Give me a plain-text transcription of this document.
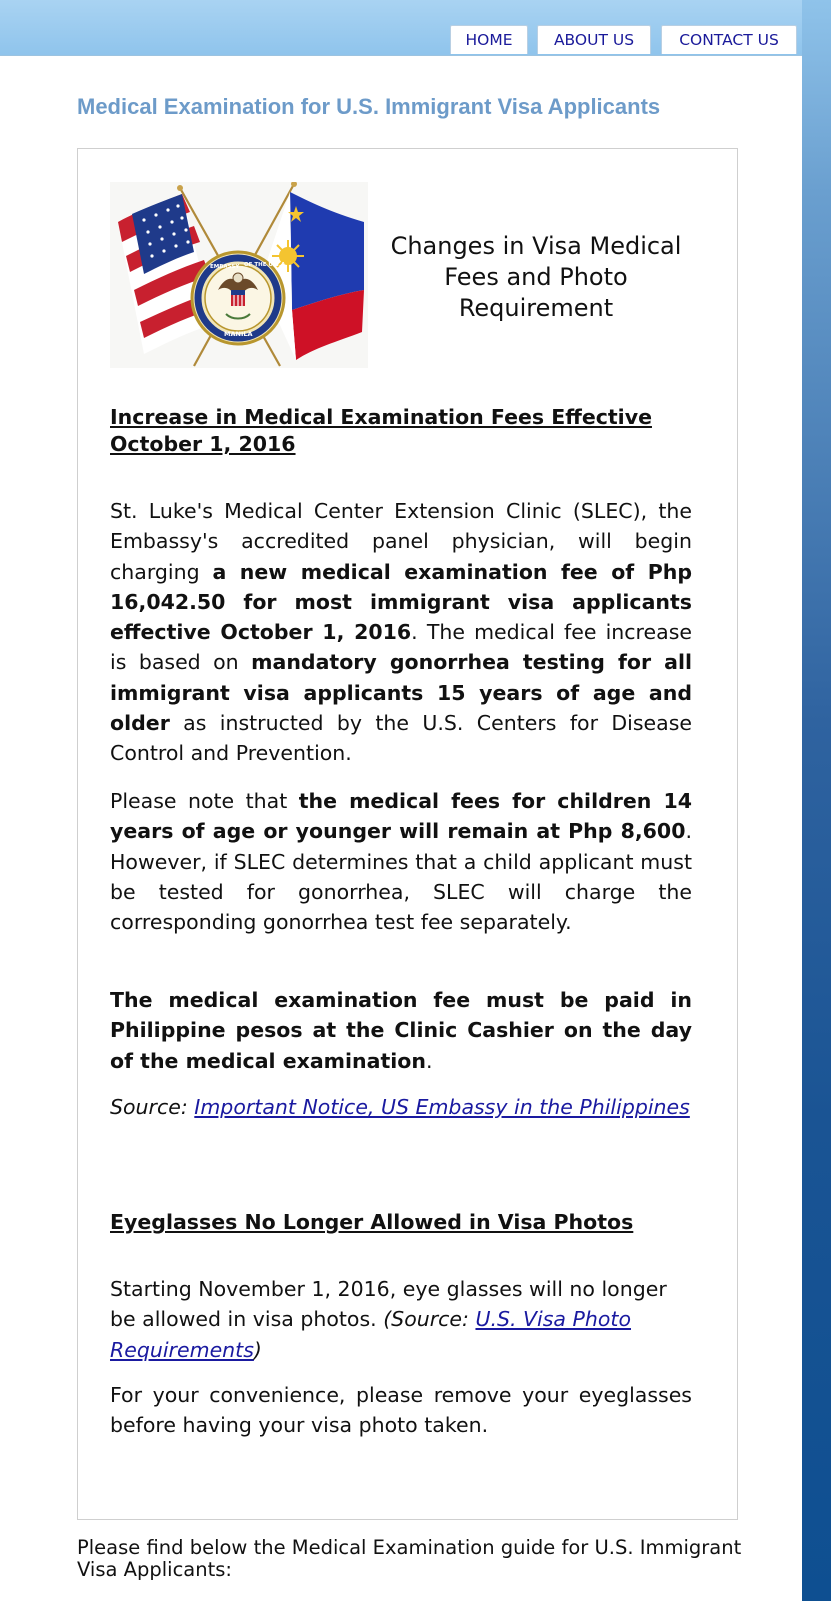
HOME	ABOUT US	CONTACT US
Medical Examination for U.S. Immigrant Visa Applicants
EMBASSY OF THE U.S.A.
MANILA
Changes in Visa Medical Fees and Photo Requirement

Increase in Medical Examination Fees Effective October 1, 2016

St. Luke's Medical Center Extension Clinic (SLEC), the Embassy's accredited panel physician, will begin charging a new medical examination fee of Php 16,042.50 for most immigrant visa applicants effective October 1, 2016. The medical fee increase is based on mandatory gonorrhea testing for all immigrant visa applicants 15 years of age and older as instructed by the U.S. Centers for Disease Control and Prevention.

Please note that the medical fees for children 14 years of age or younger will remain at Php 8,600. However, if SLEC determines that a child applicant must be tested for gonorrhea, SLEC will charge the corresponding gonorrhea test fee separately.

The medical examination fee must be paid in Philippine pesos at the Clinic Cashier on the day of the medical examination.

Source: Important Notice, US Embassy in the Philippines

Eyeglasses No Longer Allowed in Visa Photos

Starting November 1, 2016, eye glasses will no longer be allowed in visa photos. (Source: U.S. Visa Photo Requirements)

For your convenience, please remove your eyeglasses before having your visa photo taken.

Please find below the Medical Examination guide for U.S. Immigrant Visa Applicants:
